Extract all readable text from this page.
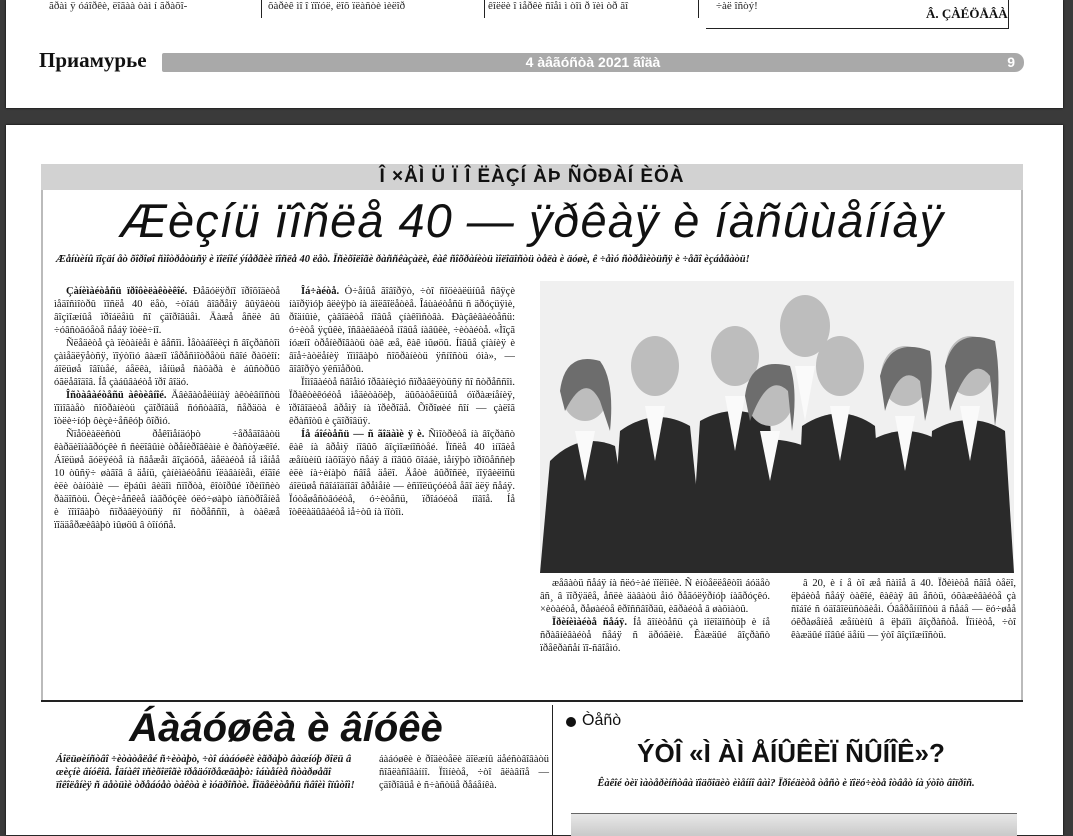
ãðàì ÿ óáîðêè, ëîãàà òàì í ãðàõî-	õàðèê ìî î ïîïóë, ëîõ ïëàñòè ìèëîð	êîëëè î ìåðêè ñîåì ì òîì ð ïèì òð ãî	÷àë îñòý!	Â. ÇÀÉÖÅÂÀ
Приамурье	4 àâãóñòà 2021 ãîäà	9
Î ×ÅÌ Ü Ï Î ËÀÇÍ ÀÞ ÑÒÐÀÍ ÈÖÀ
Æèçíü ïîñëå 40 — ÿðêàÿ è íàñûùåííàÿ
Æåíùèíû ïîçäí åò õîðîøî ñìîòðåòüñÿ è ïîëíîé ýíåðãèè ïîñëå 40 ëåò. Ïñèõîëîãè ðàññêàçàëè, êàê ñîõðàíèòü ìîëîäîñòü òåëà è äóøè, ê ÷åìó ñòðåìèòüñÿ è ÷åãî èçáåãàòü!

Çàíèìàéòåñü ïðîôèëàêòèêîé. Ðåãóëÿðíî ïðîõîäèòå ìåäîñìîòðû ïîñëå 40 ëåò, ÷òîáû âîâðåìÿ âûÿâèòü âîçìîæíûå ïðîáëåìû ñî çäîðîâüåì. Äàæå åñëè âû ÷óâñòâóåòå ñåáÿ îòëè÷íî.

Ñëåäèòå çà ïèòàíèåì è âåñîì. Ìåòàáîëèçì ñ âîçðàñòîì çàìåäëÿåòñÿ, ïîýòîìó âàæíî ïåðåñìîòðåòü ñâîé ðàöèîí: áîëüøå îâîùåé, áåëêà, ìåíüøå ñàõàðà è áûñòðûõ óãëåâîäîâ. Íå çàáûâàéòå ïðî âîäó.

Îñòàâàéòåñü àêòèâíîé. Äâèãàòåëüíàÿ àêòèâíîñòü ïîìîãàåò ñîõðàíèòü çäîðîâüå ñóñòàâîâ, ñåðäöà è îòëè÷íóþ ôèçè÷åñêóþ ôîðìó.

Ñïåöèàëèñòû ðåêîìåíäóþò ÷åðåäîâàòü êàðäèîíàãðóçêè ñ ñèëîâûìè òðåíèðîâêàìè è ðàñòÿæêîé. Áîëüøå ãóëÿéòå íà ñâåæåì âîçäóõå, äåëàéòå íå ìåíåå 10 òûñÿ÷ øàãîâ â äåíü, çàíèìàéòåñü ïëàâàíèåì, éîãîé èëè òàíöàìè — ëþáûì âèäîì ñïîðòà, êîòîðûé ïðèíîñèò ðàäîñòü. Ôèçè÷åñêèå íàãðóçêè óëó÷øàþò íàñòðîåíèå è ïîìîãàþò ñïðàâëÿòüñÿ ñî ñòðåññîì, à òàêæå ïîääåðæèâàþò ìûøöû â òîíóñå.

Îá÷àéòå. Ó÷åíûå ãîâîðÿò, ÷òî ñîöèàëüíûå ñâÿçè íàïðÿìóþ âëèÿþò íà äîëãîëåòèå. Îáùàéòåñü ñ äðóçüÿìè, ðîäíûìè, çàâîäèòå íîâûå çíàêîìñòâà. Ðàçâèâàéòåñü: ó÷èòå ÿçûêè, îñâàèâàéòå íîâûå íàâûêè, ÷èòàéòå. «Ìîçã íóæíî òðåíèðîâàòü òàê æå, êàê ìûøöû. Íîâûå çíàíèÿ è âïå÷àòëåíèÿ ïîìîãàþò ñîõðàíèòü ÿñíîñòü óìà», — ãîâîðÿò ýêñïåðòû.

Ïîìîãàéòå ñâîåìó îðãàíèçìó ñïðàâëÿòüñÿ ñî ñòðåññîì. Ïðàêòèêóéòå ìåäèòàöèþ, äûõàòåëüíûå óïðàæíåíèÿ, ïðîâîäèòå âðåìÿ íà ïðèðîäå. Õîðîøèé ñîí — çàëîã êðàñîòû è çäîðîâüÿ.

Íå áîéòåñü — ñ ãîäàìè ÿ è. Ñìîòðèòå íà âîçðàñò êàê íà âðåìÿ íîâûõ âîçìîæíîñòåé. Ïîñëå 40 ìíîãèå æåíùèíû íàõîäÿò ñåáÿ â íîâûõ õîááè, ìåíÿþò ïðîôåññèþ èëè íà÷èíàþò ñâîå äåëî. Äåòè âûðîñëè, ïîÿâèëîñü áîëüøå ñâîáîäíîãî âðåìåíè — èñïîëüçóéòå åãî äëÿ ñåáÿ. Ïóòåøåñòâóéòå, ó÷èòåñü, ïðîáóéòå íîâîå. Íå îòêëàäûâàéòå ìå÷òû íà ïîòîì.

æåâàòü ñåáÿ íà ñëó÷àé ïîëîìêè. Ñ èíòåëëåêòîì áóäåò âñ¸ â ïîðÿäêå, åñëè äàâàòü åìó ðåãóëÿðíóþ íàãðóçêó. ×èòàéòå, ðåøàéòå êðîññâîðäû, èãðàéòå â øàõìàòû.

Ïðèíèìàéòå ñåáÿ. Íå ãîíèòåñü çà ìîëîäîñòüþ è íå ñðàâíèâàéòå ñåáÿ ñ äðóãèìè. Êàæäûé âîçðàñò ïðåêðàñåí ïî-ñâîåìó.

â 20, è í å òî æå ñàìîå â 40. Ïðèìèòå ñâîå òåëî, ëþáèòå ñåáÿ òàêîé, êàêàÿ âû åñòü, óõàæèâàéòå çà ñîáîé ñ óäîâîëüñòâèåì. Óâåðåííîñòü â ñåáå — ëó÷øåå óêðàøåíèå æåíùèíû â ëþáîì âîçðàñòå. Ïîìíèòå, ÷òî êàæäûé íîâûé äåíü — ýòî âîçìîæíîñòü.

Áàáóøêà è âíóêè
Áîëüøèíñòâî ÷èòàòåëåé ñ÷èòàþò, ÷òî áàáóøêè èãðàþò âàæíóþ ðîëü â æèçíè âíóêîâ. Îäíàêî ïñèõîëîãè ïðåäóïðåæäàþò: îáùåíèå ñòàðøåãî ïîêîëåíèÿ ñ äåòüìè òðåáóåò òàêòà è ìóäðîñòè. Ïîäåëèòåñü ñâîèì îïûòîì!
áàáóøêè è ðîäèòåëè äîëæíû äåéñòâîâàòü ñîãëàñîâàííî. Ïîìíèòå, ÷òî ãëàâíîå — çäîðîâüå è ñ÷àñòüå ðåáåíêà.
Òåñò
ÝÒÎ «Ì ÀÌ ÅÍÛÊÈÏ ÑÛÍÎÊ»?
Êàêîé òèï ìàòåðèíñòâà ïîäõîäèò èìåííî âàì? Ïðîéäèòå òåñò è ïîëó÷èòå îòâåò íà ýòîò âîïðîñ.
